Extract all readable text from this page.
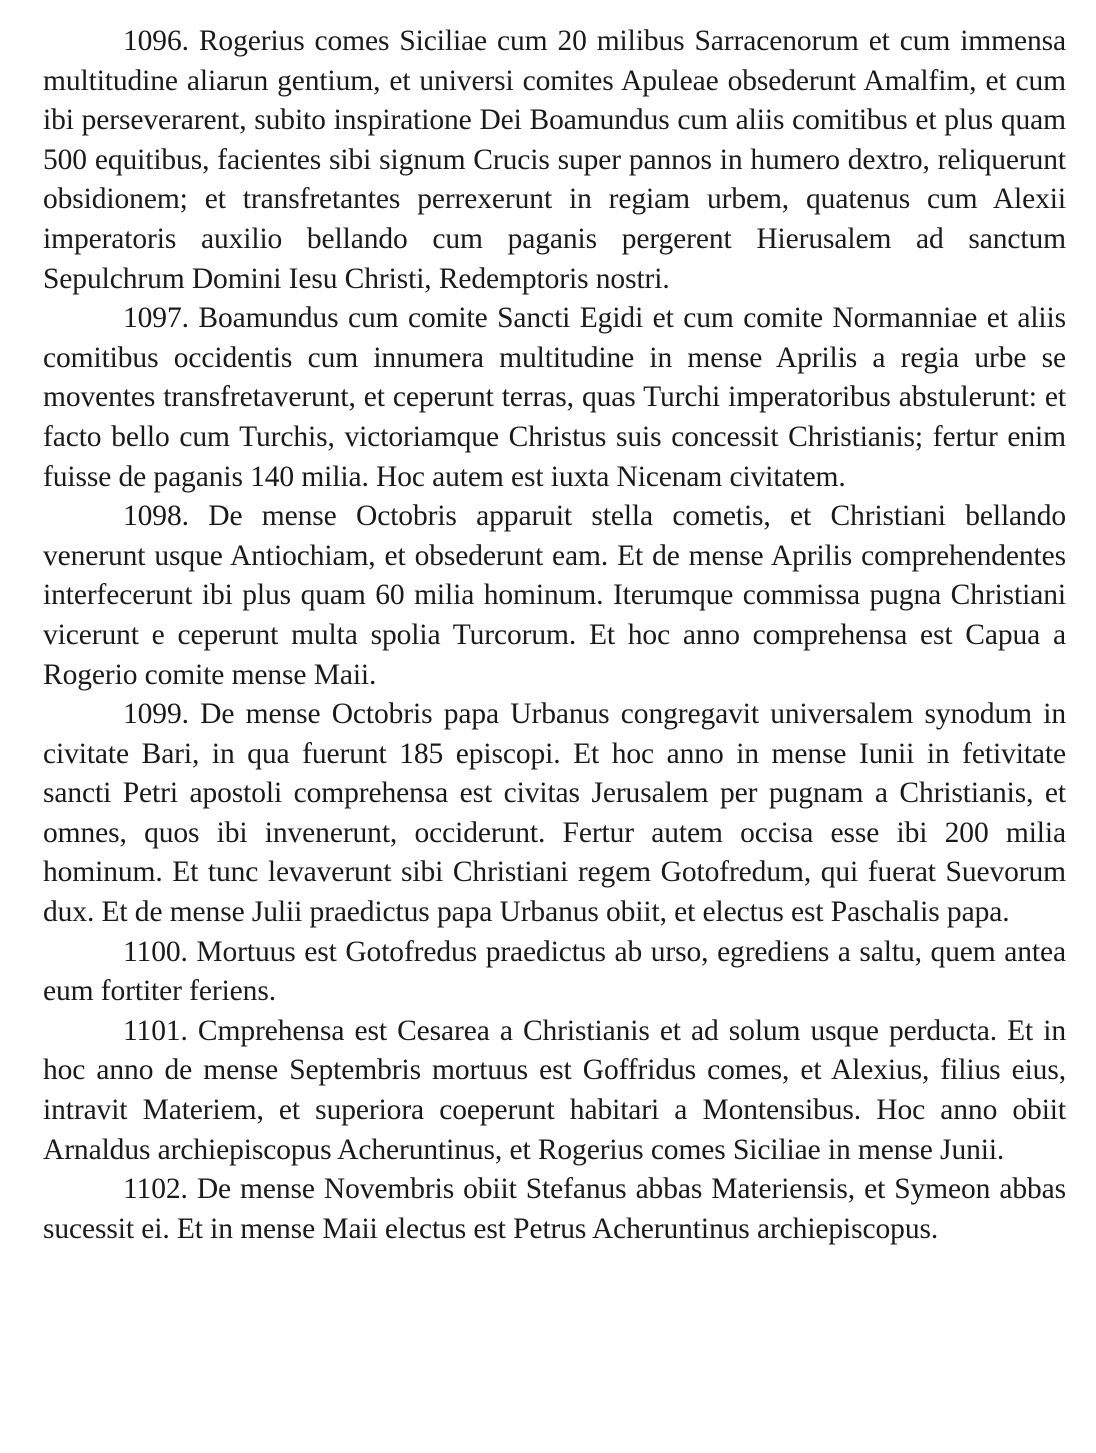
1096. Rogerius comes Siciliae cum 20 milibus Sarracenorum et cum immensa multitudine aliarun gentium, et universi comites Apuleae obsederunt Amalfim, et cum ibi perseverarent, subito inspiratione Dei Boamundus cum aliis comitibus et plus quam 500 equitibus, facientes sibi signum Crucis super pannos in humero dextro, reliquerunt obsidionem; et transfretantes perrexerunt in regiam urbem, quatenus cum Alexii imperatoris auxilio bellando cum paganis pergerent Hierusalem ad sanctum Sepulchrum Domini Iesu Christi, Redemptoris nostri.

1097. Boamundus cum comite Sancti Egidi et cum comite Normanniae et aliis comitibus occidentis cum innumera multitudine in mense Aprilis a regia urbe se moventes transfretaverunt, et ceperunt terras, quas Turchi imperatoribus abstulerunt: et facto bello cum Turchis, victoriamque Christus suis concessit Christianis; fertur enim fuisse de paganis 140 milia. Hoc autem est iuxta Nicenam civitatem.

1098. De mense Octobris apparuit stella cometis, et Christiani bellando venerunt usque Antiochiam, et obsederunt eam. Et de mense Aprilis comprehendentes interfecerunt ibi plus quam 60 milia hominum. Iterumque commissa pugna Christiani vicerunt e ceperunt multa spolia Turcorum. Et hoc anno comprehensa est Capua a Rogerio comite mense Maii.

1099. De mense Octobris papa Urbanus congregavit universalem synodum in civitate Bari, in qua fuerunt 185 episcopi. Et hoc anno in mense Iunii in fetivitate sancti Petri apostoli comprehensa est civitas Jerusalem per pugnam a Christianis, et omnes, quos ibi invenerunt, occiderunt. Fertur autem occisa esse ibi 200 milia hominum. Et tunc levaverunt sibi Christiani regem Gotofredum, qui fuerat Suevorum dux. Et de mense Julii praedictus papa Urbanus obiit, et electus est Paschalis papa.

1100. Mortuus est Gotofredus praedictus ab urso, egrediens a saltu, quem antea eum fortiter feriens.

1101. Cmprehensa est Cesarea a Christianis et ad solum usque perducta. Et in hoc anno de mense Septembris mortuus est Goffridus comes, et Alexius, filius eius, intravit Materiem, et superiora coeperunt habitari a Montensibus. Hoc anno obiit Arnaldus archiepiscopus Acheruntinus, et Rogerius comes Siciliae in mense Junii.

1102. De mense Novembris obiit Stefanus abbas Materiensis, et Symeon abbas sucessit ei. Et in mense Maii electus est Petrus Acheruntinus archiepiscopus.
